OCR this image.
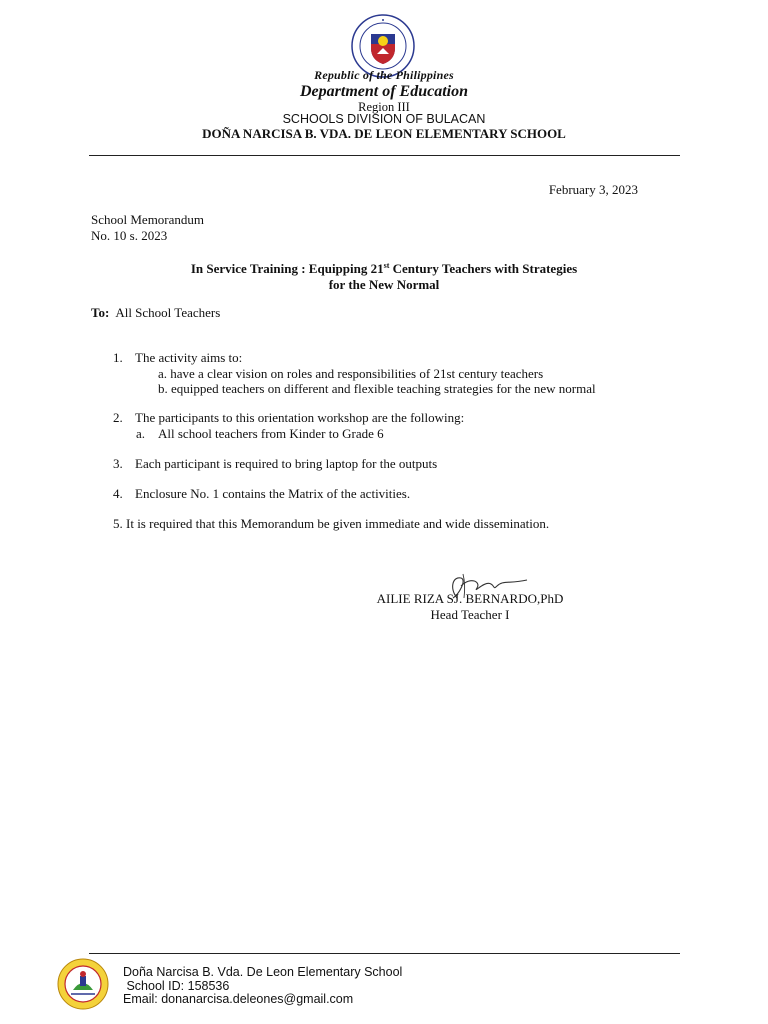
Republic of the Philippines
Department of Education
Region III
SCHOOLS DIVISION OF BULACAN
DOÑA NARCISA B. VDA. DE LEON ELEMENTARY SCHOOL
February 3, 2023
School Memorandum
No. 10 s. 2023
In Service Training : Equipping 21st Century Teachers with Strategies
for the New Normal
To: All School Teachers
1. The activity aims to:
a. have a clear vision on roles and responsibilities of 21st century teachers
b. equipped teachers on different and flexible teaching strategies for the new normal
2. The participants to this orientation workshop are the following:
a. All school teachers from Kinder to Grade 6
3. Each participant is required to bring laptop for the outputs
4. Enclosure No. 1 contains the Matrix of the activities.
5. It is required that this Memorandum be given immediate and wide dissemination.
AILIE RIZA SJ. BERNARDO,PhD
Head Teacher I
Doña Narcisa B. Vda. De Leon Elementary School
School ID: 158536
Email: donanarcisa.deleones@gmail.com
